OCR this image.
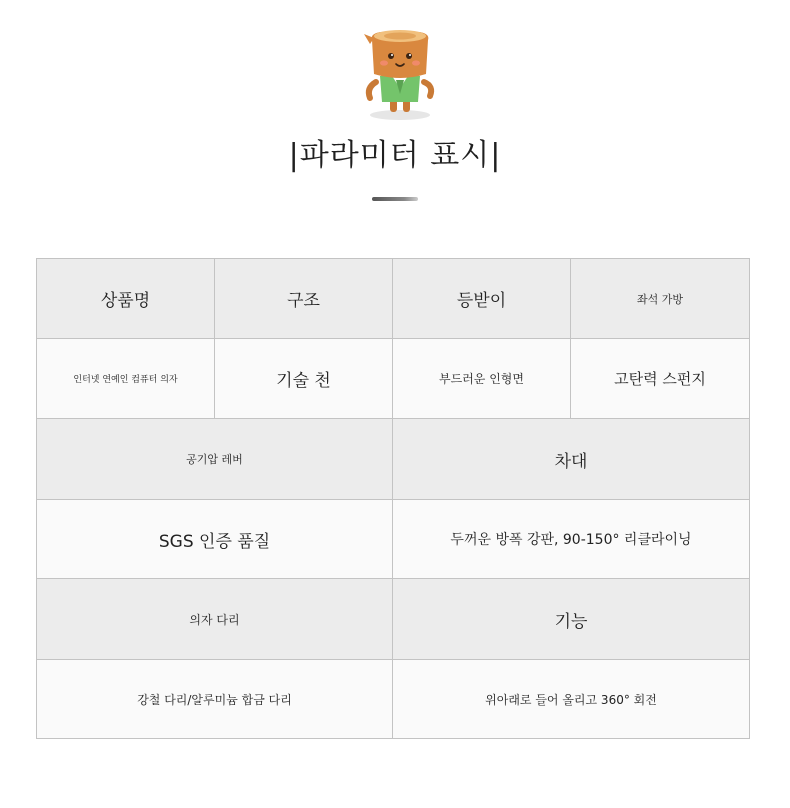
|파라미터 표시|
상품명	구조	등받이	좌석 가방
인터넷 연예인 컴퓨터 의자	기술 천	부드러운 인형면	고탄력 스펀지
공기압 레버		차대	
SGS 인증 품질		두꺼운 방폭 강판, 90-150° 리클라이닝	
의자 다리		기능	
강철 다리/알루미늄 합금 다리		위아래로 들어 올리고 360° 회전	
